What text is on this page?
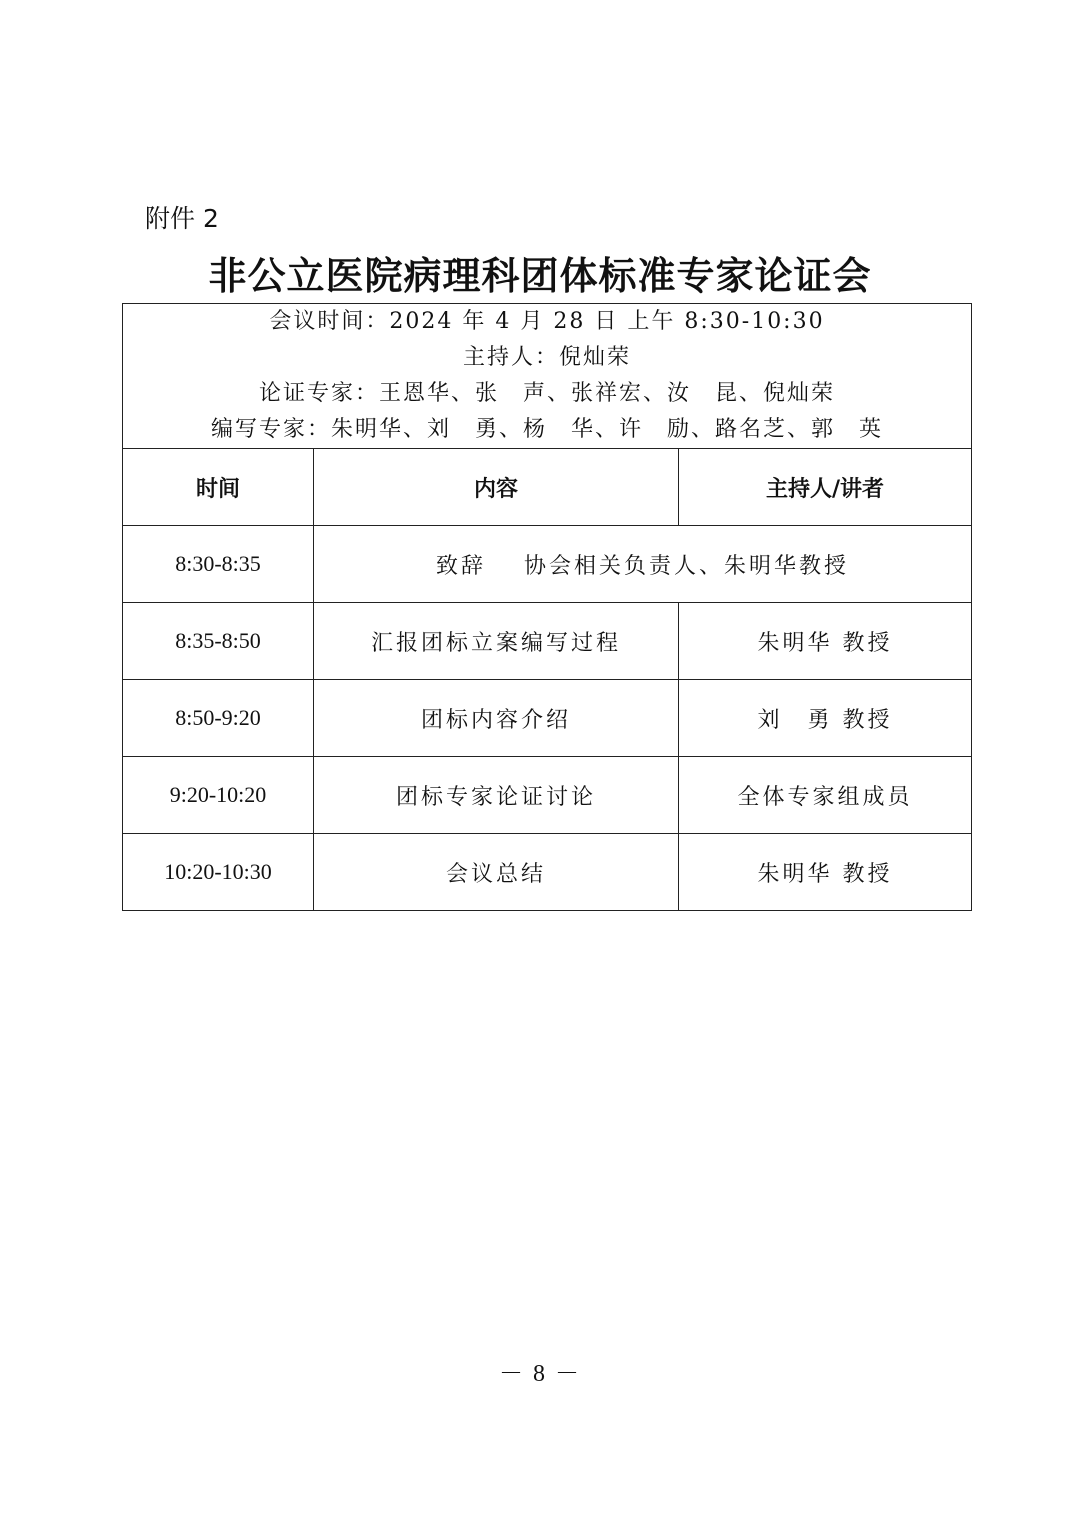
附件 2
非公立医院病理科团体标准专家论证会
会议时间：2024 年 4 月 28 日 上午 8:30-10:30
主持人：倪灿荣
论证专家：王恩华、张　声、张祥宏、汝　昆、倪灿荣
编写专家：朱明华、刘　勇、杨　华、许　励、路名芝、郭　英		

时间	内容	主持人/讲者
8:30-8:35	致辞 协会相关负责人、朱明华教授	
8:35-8:50	汇报团标立案编写过程	朱明华 教授
8:50-9:20	团标内容介绍	刘　勇 教授
9:20-10:20	团标专家论证讨论	全体专家组成员
10:20-10:30	会议总结	朱明华 教授
－ 8 －
